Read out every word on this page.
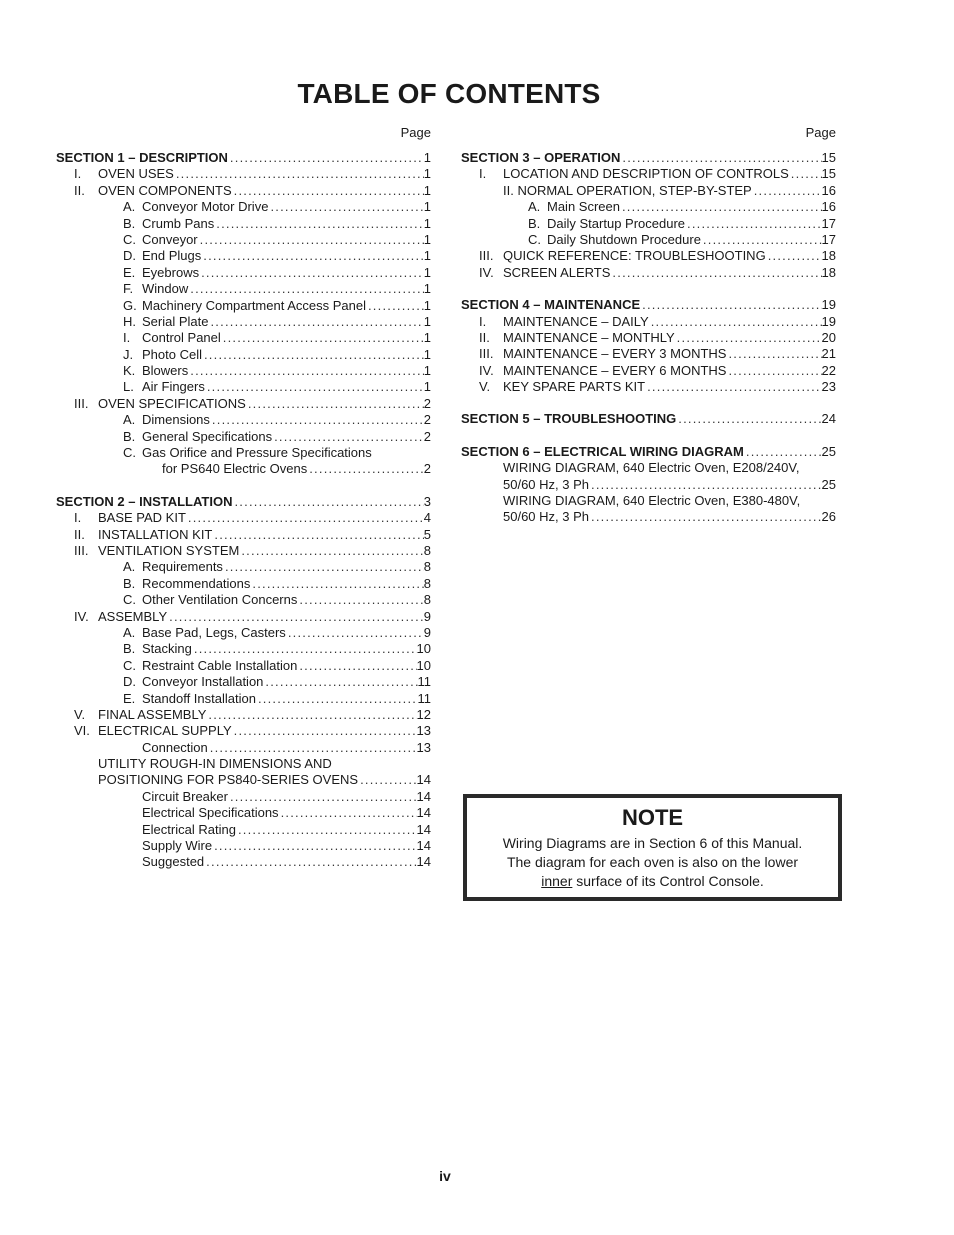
TABLE OF CONTENTS
Page
SECTION 1 – DESCRIPTION . . .	1
I. OVEN USES . . .	1
II. OVEN COMPONENTS . . .	1
A. Conveyor Motor Drive . . .	1
B. Crumb Pans . . .	1
C. Conveyor . . .	1
D. End Plugs . . .	1
E. Eyebrows . . .	1
F. Window . . .	1
G. Machinery Compartment Access Panel . . .	1
H. Serial Plate . . .	1
I. Control Panel . . .	1
J. Photo Cell . . .	1
K. Blowers . . .	1
L. Air Fingers . . .	1
III. OVEN SPECIFICATIONS . . .	2
A. Dimensions . . .	2
B. General Specifications . . .	2
C. Gas Orifice and Pressure Specifications
for PS640 Electric Ovens . . .	2
SECTION 2 – INSTALLATION . . .	3
I. BASE PAD KIT . . .	4
II. INSTALLATION KIT . . .	5
III. VENTILATION SYSTEM . . .	8
A. Requirements . . .	8
B. Recommendations . . .	8
C. Other Ventilation Concerns . . .	8
IV. ASSEMBLY . . .	9
A. Base Pad, Legs, Casters . . .	9
B. Stacking . . .	10
C. Restraint Cable Installation . . .	10
D. Conveyor Installation . . .	11
E. Standoff Installation . . .	11
V. FINAL ASSEMBLY . . .	12
VI. ELECTRICAL SUPPLY . . .	13
Connection . . .	13
UTILITY ROUGH-IN DIMENSIONS AND
POSITIONING FOR PS840-SERIES OVENS . . .	14
Circuit Breaker . . .	14
Electrical Specifications . . .	14
Electrical Rating . . .	14
Supply Wire . . .	14
Suggested . . .	14
Page
SECTION 3 – OPERATION . . .	15
I. LOCATION AND DESCRIPTION OF CONTROLS . . .	15
II. NORMAL OPERATION, STEP-BY-STEP . . .	16
A. Main Screen . . .	16
B. Daily Startup Procedure . . .	17
C. Daily Shutdown Procedure . . .	17
III. QUICK REFERENCE: TROUBLESHOOTING . . .	18
IV. SCREEN ALERTS . . .	18
SECTION 4 – MAINTENANCE . . .	19
I. MAINTENANCE – DAILY . . .	19
II. MAINTENANCE – MONTHLY . . .	20
III. MAINTENANCE – EVERY 3 MONTHS . . .	21
IV. MAINTENANCE – EVERY 6 MONTHS . . .	22
V. KEY SPARE PARTS KIT . . .	23
SECTION 5 – TROUBLESHOOTING . . .	24
SECTION 6 – ELECTRICAL WIRING DIAGRAM . . .	25
WIRING DIAGRAM, 640 Electric Oven, E208/240V,
50/60 Hz, 3 Ph . . .	25
WIRING DIAGRAM, 640 Electric Oven, E380-480V,
50/60 Hz, 3 Ph . . .	26
NOTE
Wiring Diagrams are in Section 6 of this Manual.
The diagram for each oven is also on the lower
inner surface of its Control Console.
iv
